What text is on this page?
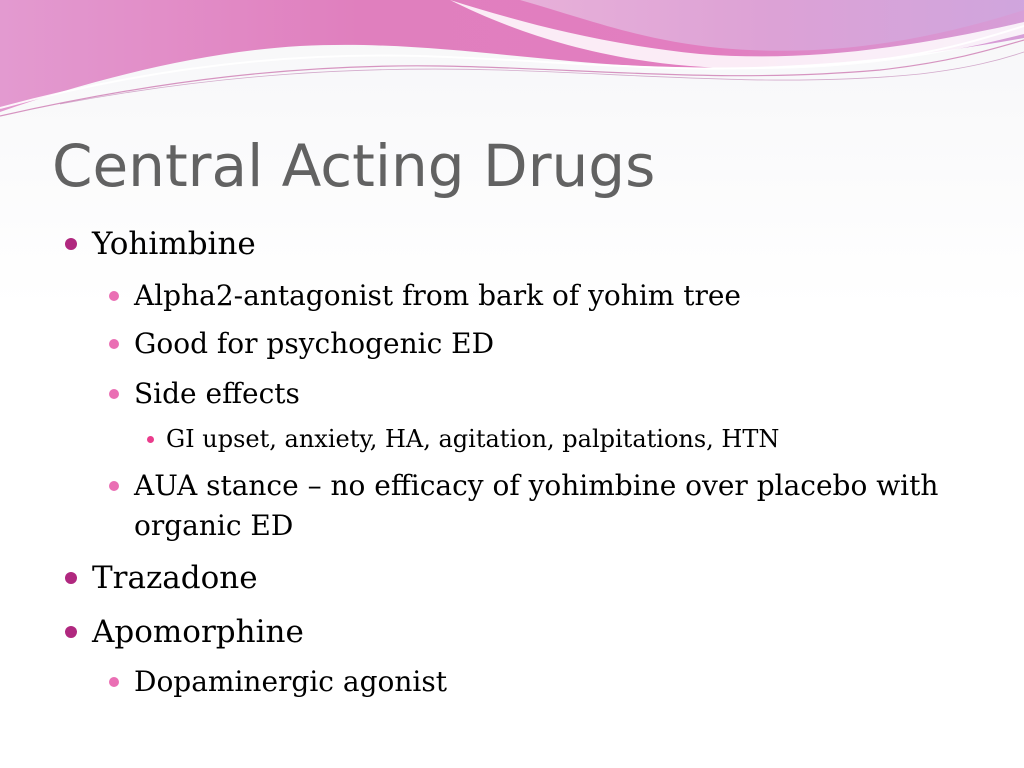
Central Acting Drugs
Yohimbine
Alpha2-antagonist from bark of yohim tree
Good for psychogenic ED
Side effects
GI upset, anxiety, HA, agitation, palpitations, HTN
AUA stance – no efficacy of yohimbine over placebo with
organic ED
Trazadone
Apomorphine
Dopaminergic agonist
